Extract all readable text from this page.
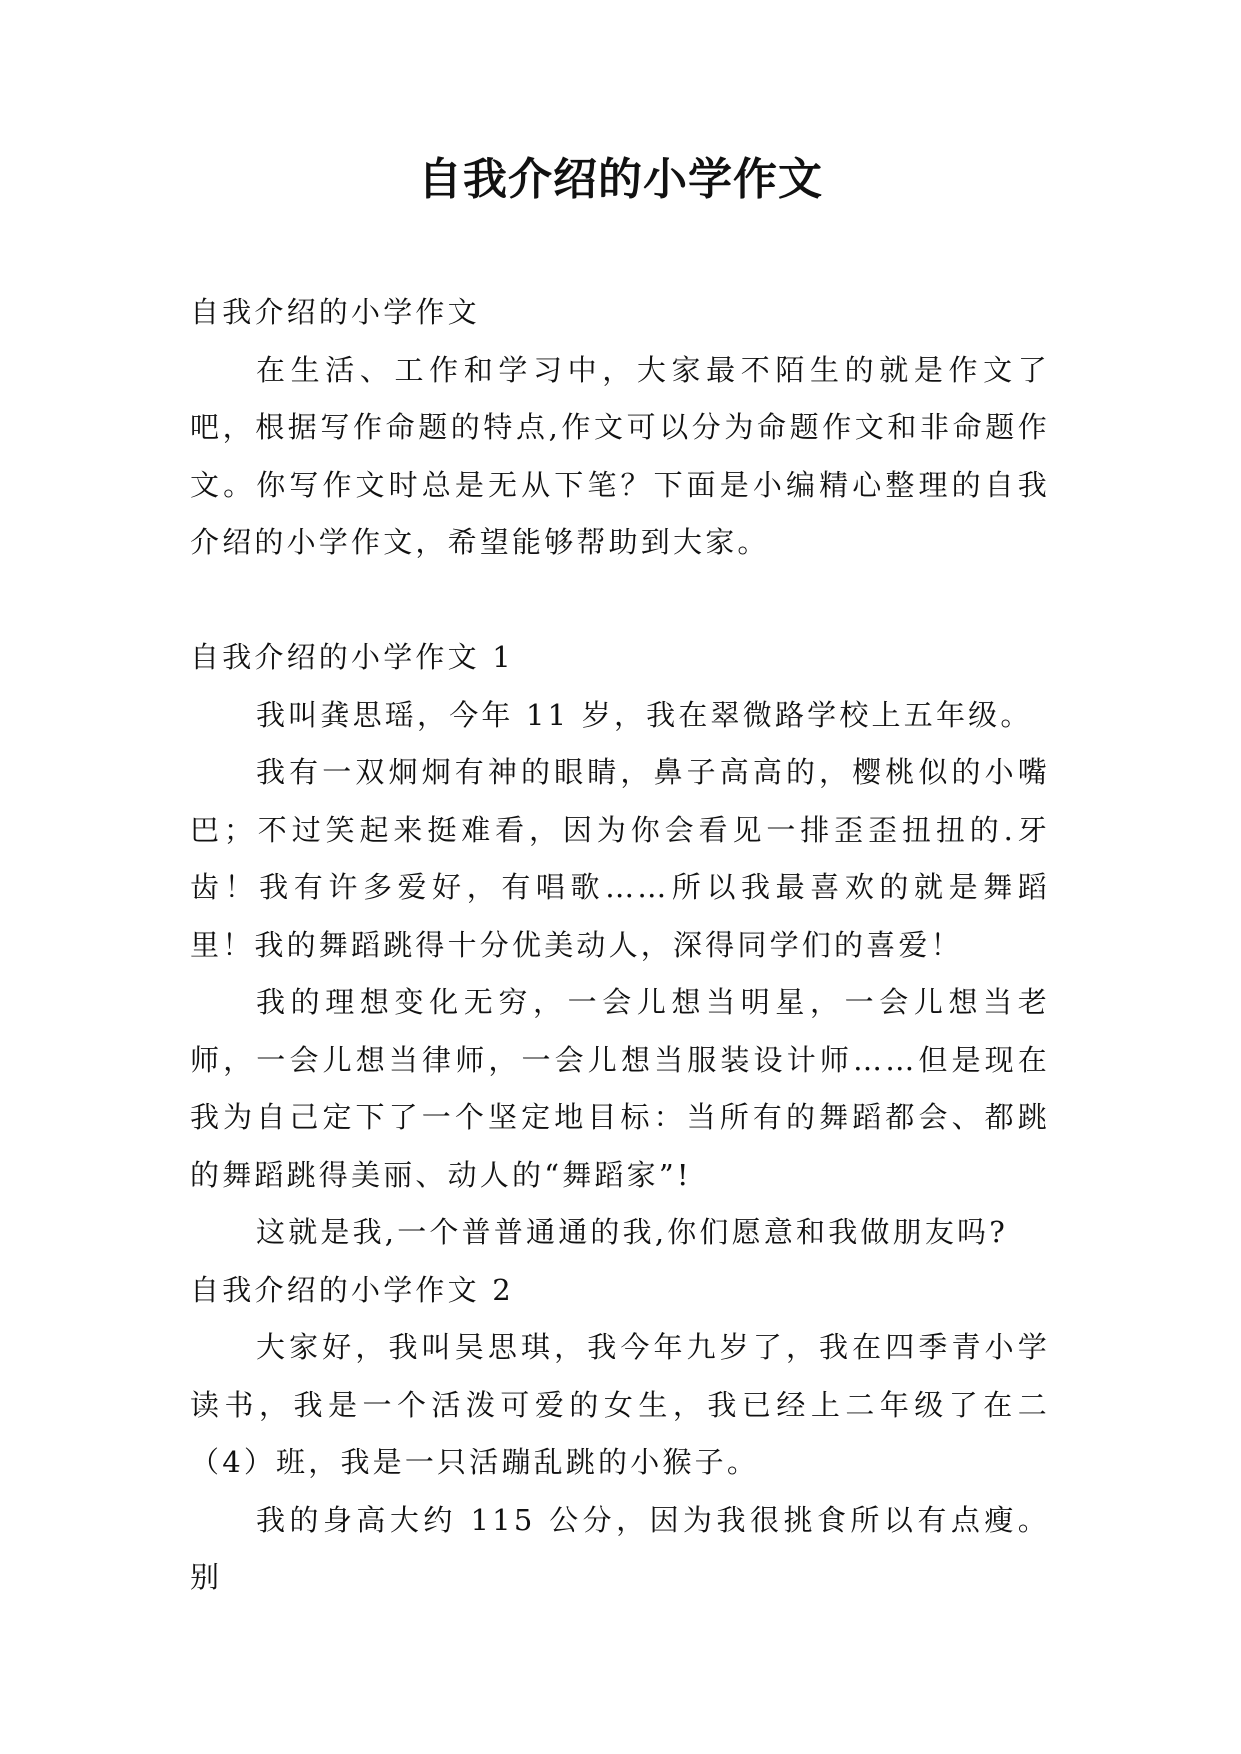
自我介绍的小学作文

自我介绍的小学作文

在生活、工作和学习中，大家最不陌生的就是作文了吧，根据写作命题的特点,作文可以分为命题作文和非命题作文。你写作文时总是无从下笔？下面是小编精心整理的自我介绍的小学作文，希望能够帮助到大家。

自我介绍的小学作文 1

我叫龚思瑶，今年 11 岁，我在翠微路学校上五年级。

我有一双炯炯有神的眼睛，鼻子高高的，樱桃似的小嘴巴；不过笑起来挺难看，因为你会看见一排歪歪扭扭的.牙齿！我有许多爱好，有唱歌……所以我最喜欢的就是舞蹈里！我的舞蹈跳得十分优美动人，深得同学们的喜爱！

我的理想变化无穷，一会儿想当明星，一会儿想当老师，一会儿想当律师，一会儿想当服装设计师……但是现在我为自己定下了一个坚定地目标：当所有的舞蹈都会、都跳的舞蹈跳得美丽、动人的“舞蹈家”!

这就是我,一个普普通通的我,你们愿意和我做朋友吗?

自我介绍的小学作文 2

大家好，我叫吴思琪，我今年九岁了，我在四季青小学读书，我是一个活泼可爱的女生，我已经上二年级了在二（4）班，我是一只活蹦乱跳的小猴子。

我的身高大约 115 公分，因为我很挑食所以有点瘦。别
